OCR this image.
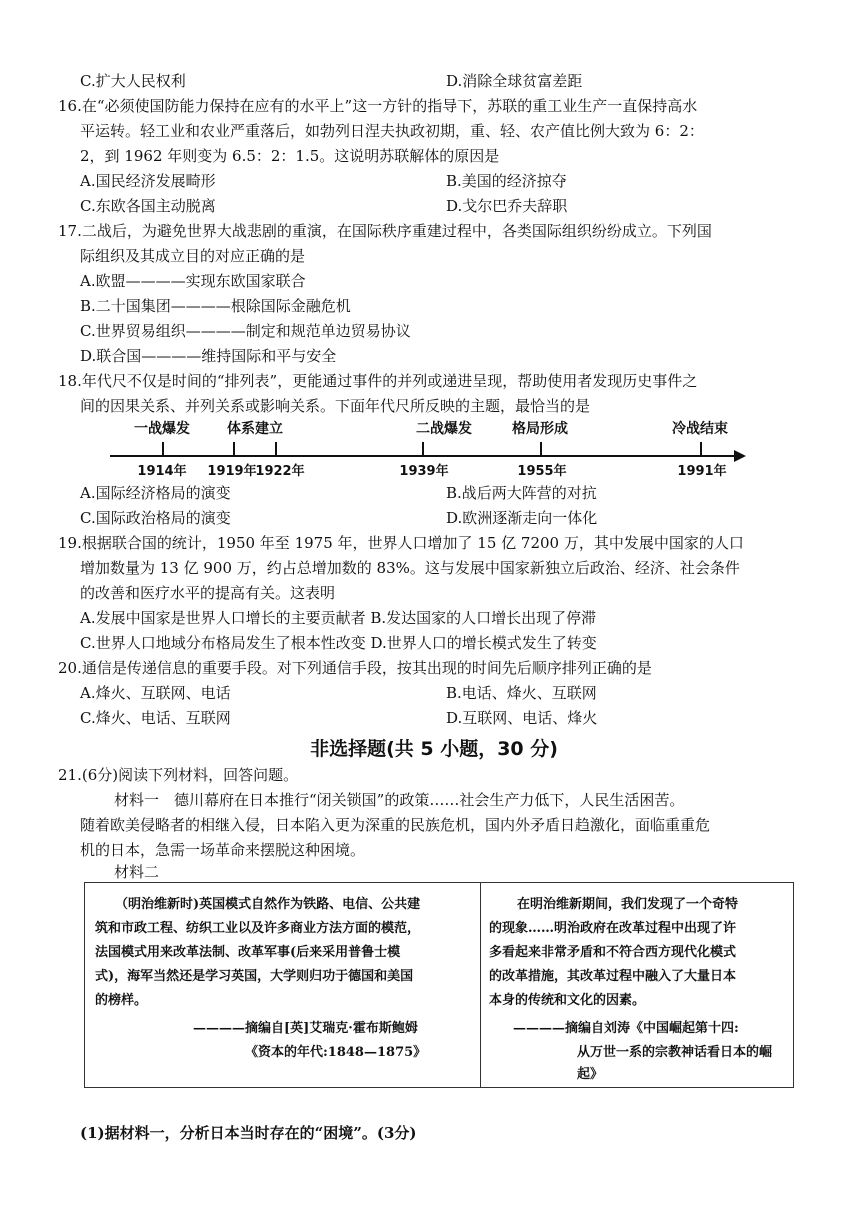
C.扩大人民权利	D.消除全球贫富差距
16.在“必须使国防能力保持在应有的水平上”这一方针的指导下，苏联的重工业生产一直保持高水
平运转。轻工业和农业严重落后，如勃列日涅夫执政初期，重、轻、农产值比例大致为 6：2：
2，到 1962 年则变为 6.5：2：1.5。这说明苏联解体的原因是
A.国民经济发展畸形	B.美国的经济掠夺
C.东欧各国主动脱离	D.戈尔巴乔夫辞职
17.二战后，为避免世界大战悲剧的重演，在国际秩序重建过程中，各类国际组织纷纷成立。下列国
际组织及其成立目的对应正确的是
A.欧盟————实现东欧国家联合
B.二十国集团————根除国际金融危机
C.世界贸易组织————制定和规范单边贸易协议
D.联合国————维持国际和平与安全
18.年代尺不仅是时间的“排列表”，更能通过事件的并列或递进呈现，帮助使用者发现历史事件之
间的因果关系、并列关系或影响关系。下面年代尺所反映的主题，最恰当的是
一战爆发	体系建立	二战爆发	格局形成	冷战结束
1914年 1919年
1922年	1939年	1955年	1991年
A.国际经济格局的演变	B.战后两大阵营的对抗
C.国际政治格局的演变	D.欧洲逐渐走向一体化
19.根据联合国的统计，1950 年至 1975 年，世界人口增加了 15 亿 7200 万，其中发展中国家的人口
增加数量为 13 亿 900 万，约占总增加数的 83%。这与发展中国家新独立后政治、经济、社会条件
的改善和医疗水平的提高有关。这表明
A.发展中国家是世界人口增长的主要贡献者 B.发达国家的人口增长出现了停滞
C.世界人口地域分布格局发生了根本性改变 D.世界人口的增长模式发生了转变
20.通信是传递信息的重要手段。对下列通信手段，按其出现的时间先后顺序排列正确的是
A.烽火、互联网、电话	B.电话、烽火、互联网
C.烽火、电话、互联网	D.互联网、电话、烽火
非选择题(共 5 小题，30 分)
21.(6分)阅读下列材料，回答问题。
材料一　德川幕府在日本推行“闭关锁国”的政策……社会生产力低下，人民生活困苦。
随着欧美侵略者的相继入侵，日本陷入更为深重的民族危机，国内外矛盾日趋激化，面临重重危
机的日本，急需一场革命来摆脱这种困境。
材料二
（明治维新时)英国模式自然作为铁路、电信、公共建
筑和市政工程、纺织工业以及许多商业方法方面的模范，
法国模式用来改革法制、改革军事(后来采用普鲁士模
式)，海军当然还是学习英国，大学则归功于德国和美国
的榜样。
————摘编自[英]艾瑞克·霍布斯鲍姆
《资本的年代:1848—1875》
在明治维新期间，我们发现了一个奇特
的现象……明治政府在改革过程中出现了许
多看起来非常矛盾和不符合西方现代化模式
的改革措施，其改革过程中融入了大量日本
本身的传统和文化的因素。
————摘编自刘涛《中国崛起第十四:
从万世一系的宗教神话看日本的崛
起》
(1)据材料一，分析日本当时存在的“困境”。(3分)
